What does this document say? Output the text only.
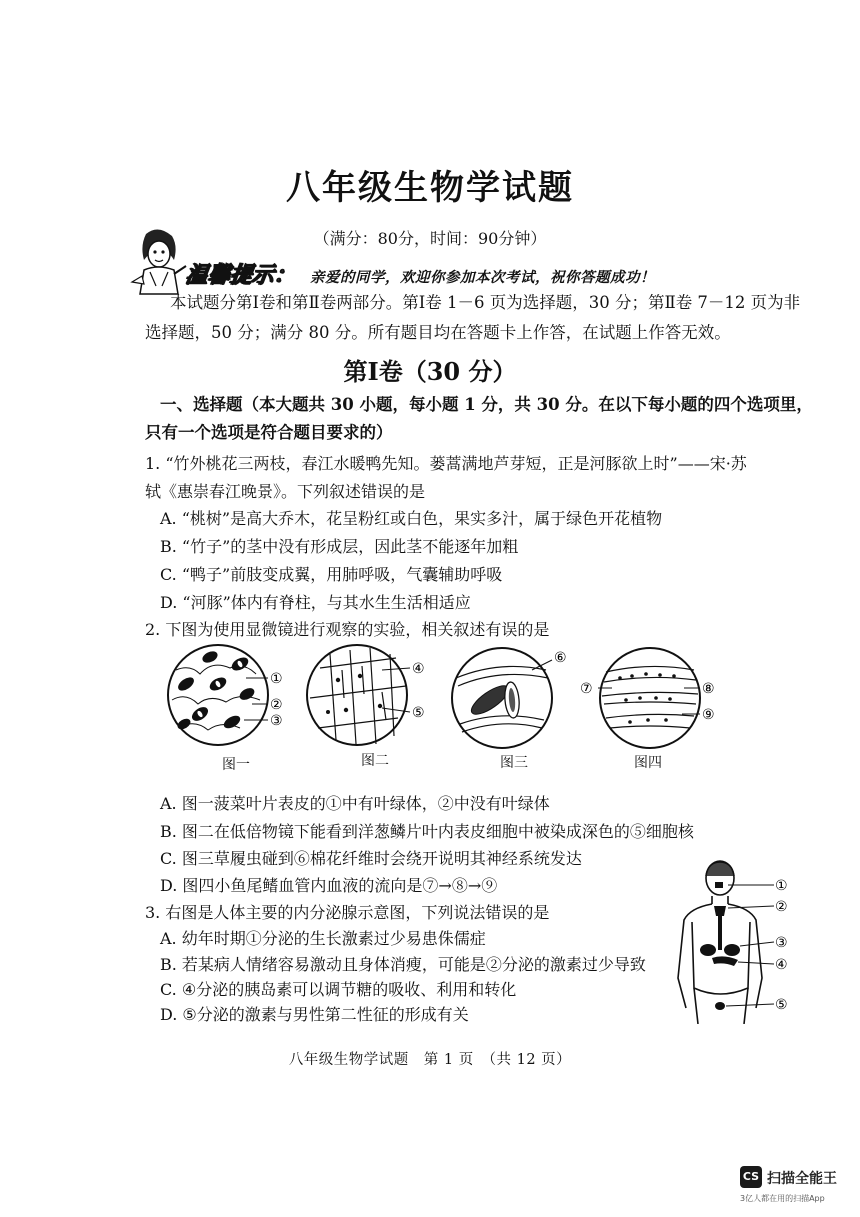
八年级生物学试题
（满分：80分，时间：90分钟）
温馨提示： 亲爱的同学，欢迎你参加本次考试，祝你答题成功！
本试题分第Ⅰ卷和第Ⅱ卷两部分。第Ⅰ卷 1－6 页为选择题，30 分；第Ⅱ卷 7－12 页为非
选择题，50 分；满分 80 分。所有题目均在答题卡上作答，在试题上作答无效。
第Ⅰ卷（30 分）
一、选择题（本大题共 30 小题，每小题 1 分，共 30 分。在以下每小题的四个选项里，
只有一个选项是符合题目要求的）
1. “竹外桃花三两枝，春江水暖鸭先知。蒌蒿满地芦芽短，正是河豚欲上时”——宋·苏
轼《惠崇春江晚景》。下列叙述错误的是
A. “桃树”是高大乔木，花呈粉红或白色，果实多汁，属于绿色开花植物
B. “竹子”的茎中没有形成层，因此茎不能逐年加粗
C. “鸭子”前肢变成翼，用肺呼吸，气囊辅助呼吸
D. “河豚”体内有脊柱，与其水生生活相适应
2. 下图为使用显微镜进行观察的实验，相关叙述有误的是
①
②
③
④
⑤
⑥
⑦	⑧
⑨
图一	图二	图三	图四
A. 图一菠菜叶片表皮的①中有叶绿体，②中没有叶绿体
B. 图二在低倍物镜下能看到洋葱鳞片叶内表皮细胞中被染成深色的⑤细胞核
C. 图三草履虫碰到⑥棉花纤维时会绕开说明其神经系统发达
D. 图四小鱼尾鳍血管内血液的流向是⑦→⑧→⑨
3. 右图是人体主要的内分泌腺示意图，下列说法错误的是
A. 幼年时期①分泌的生长激素过少易患侏儒症
B. 若某病人情绪容易激动且身体消瘦，可能是②分泌的激素过少导致
C. ④分泌的胰岛素可以调节糖的吸收、利用和转化
D. ⑤分泌的激素与男性第二性征的形成有关
①
②
③
④
⑤
八年级生物学试题　第 1 页　（共 12 页）
CS 扫描全能王
3亿人都在用的扫描App
